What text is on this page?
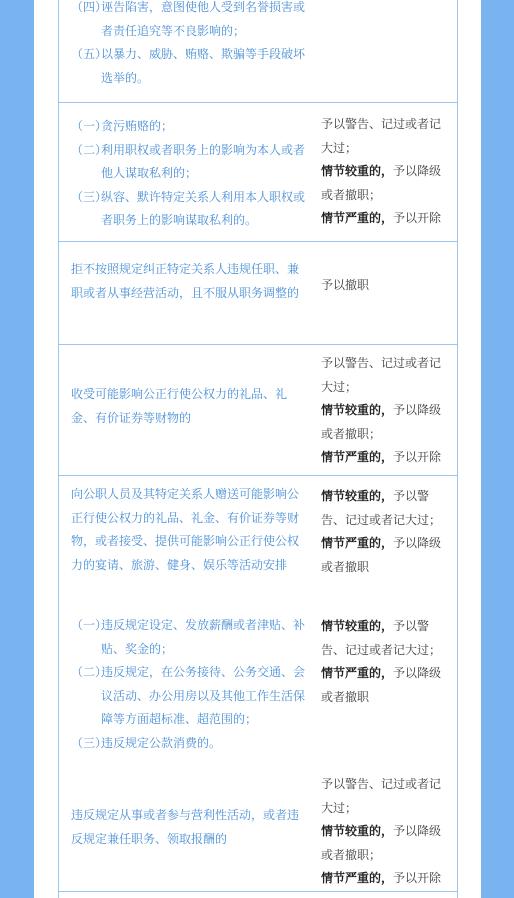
（四）
诬告陷害，意图使他人受到名誉损害或者责任追究等不良影响的；
（五）
以暴力、威胁、贿赂、欺骗等手段破坏选举的。
（一）
贪污贿赂的；
（二）
利用职权或者职务上的影响为本人或者他人谋取私利的；
（三）
纵容、默许特定关系人利用本人职权或者职务上的影响谋取私利的。
予以警告、记过或者记大过；
情节较重的，予以降级或者撤职；
情节严重的，予以开除
拒不按照规定纠正特定关系人违规任职、兼职或者从事经营活动，且不服从职务调整的
予以撤职
收受可能影响公正行使公权力的礼品、礼金、有价证券等财物的
予以警告、记过或者记大过；
情节较重的，予以降级或者撤职；
情节严重的，予以开除
向公职人员及其特定关系人赠送可能影响公正行使公权力的礼品、礼金、有价证券等财物，或者接受、提供可能影响公正行使公权力的宴请、旅游、健身、娱乐等活动安排
情节较重的，予以警告、记过或者记大过；
情节严重的，予以降级或者撤职
（一）
违反规定设定、发放薪酬或者津贴、补贴、奖金的；
（二）
违反规定，在公务接待、公务交通、会议活动、办公用房以及其他工作生活保障等方面超标准、超范围的；
（三）
违反规定公款消费的。
情节较重的，予以警告、记过或者记大过；
情节严重的，予以降级或者撤职
违反规定从事或者参与营利性活动，或者违反规定兼任职务、领取报酬的
予以警告、记过或者记大过；
情节较重的，予以降级或者撤职；
情节严重的，予以开除
